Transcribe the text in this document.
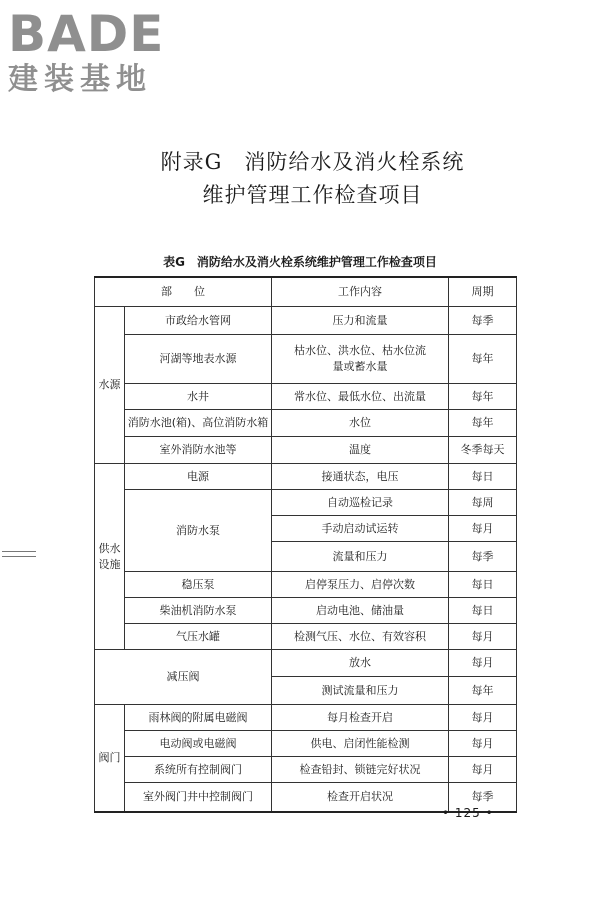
BADE
建装基地
附录G　消防给水及消火栓系统
维护管理工作检查项目
表G　消防给水及消火栓系统维护管理工作检查项目
部　　位		工作内容	周期
水源	市政给水管网	压力和流量	每季
	河湖等地表水源	枯水位、洪水位、枯水位流量或蓄水量	每年
	水井	常水位、最低水位、出流量	每年
	消防水池(箱)、高位消防水箱	水位	每年
	室外消防水池等	温度	冬季每天
供水设施	电源	接通状态，电压	每日
	消防水泵	自动巡检记录	每周
		手动启动试运转	每月
		流量和压力	每季
	稳压泵	启停泵压力、启停次数	每日
	柴油机消防水泵	启动电池、储油量	每日
	气压水罐	检测气压、水位、有效容积	每月
减压阀		放水	每月
		测试流量和压力	每年
阀门	雨林阀的附属电磁阀	每月检查开启	每月
	电动阀或电磁阀	供电、启闭性能检测	每月
	系统所有控制阀门	检查铅封、锁链完好状况	每月
	室外阀门井中控制阀门	检查开启状况	每季
• 125 •
